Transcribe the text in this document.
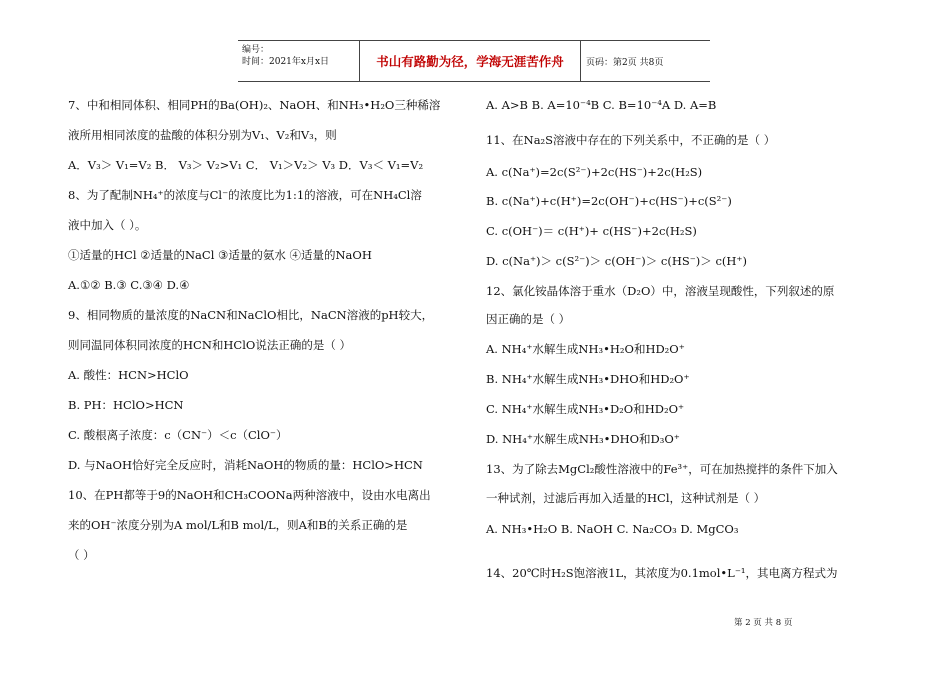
编号：
时间：2021年x月x日	书山有路勤为径，学海无涯苦作舟	页码：第2页 共8页

7、中和相同体积、相同PH的Ba(OH)₂、NaOH、和NH₃•H₂O三种稀溶

液所用相同浓度的盐酸的体积分别为V₁、V₂和V₃，则

A．V₃＞ V₁=V₂ B． V₃＞ V₂>V₁ C． V₁＞V₂＞ V₃ D．V₃＜ V₁=V₂

8、为了配制NH₄⁺的浓度与Cl⁻的浓度比为1:1的溶液，可在NH₄Cl溶

液中加入（ ）。

①适量的HCl ②适量的NaCl ③适量的氨水 ④适量的NaOH

A.①② B.③ C.③④ D.④

9、相同物质的量浓度的NaCN和NaClO相比，NaCN溶液的pH较大，

则同温同体积同浓度的HCN和HClO说法正确的是（ ）

A. 酸性：HCN>HClO

B. PH：HClO>HCN

C. 酸根离子浓度：c（CN⁻）＜c（ClO⁻）

D. 与NaOH恰好完全反应时，消耗NaOH的物质的量：HClO>HCN

10、在PH都等于9的NaOH和CH₃COONa两种溶液中，设由水电离出

来的OH⁻浓度分别为A mol/L和B mol/L，则A和B的关系正确的是

（ ）

A. A>B B. A=10⁻⁴B C. B=10⁻⁴A D. A=B

11、在Na₂S溶液中存在的下列关系中，不正确的是（ ）

A. c(Na⁺)=2c(S²⁻)+2c(HS⁻)+2c(H₂S)

B. c(Na⁺)+c(H⁺)=2c(OH⁻)+c(HS⁻)+c(S²⁻)

C. c(OH⁻)＝ c(H⁺)+ c(HS⁻)+2c(H₂S)

D. c(Na⁺)＞ c(S²⁻)＞ c(OH⁻)＞ c(HS⁻)＞ c(H⁺)

12、氯化铵晶体溶于重水（D₂O）中，溶液呈现酸性，下列叙述的原

因正确的是（ ）

A. NH₄⁺水解生成NH₃•H₂O和HD₂O⁺

B. NH₄⁺水解生成NH₃•DHO和HD₂O⁺

C. NH₄⁺水解生成NH₃•D₂O和HD₂O⁺

D. NH₄⁺水解生成NH₃•DHO和D₃O⁺

13、为了除去MgCl₂酸性溶液中的Fe³⁺，可在加热搅拌的条件下加入

一种试剂，过滤后再加入适量的HCl，这种试剂是（ ）

A. NH₃•H₂O B. NaOH C. Na₂CO₃ D. MgCO₃

14、20℃时H₂S饱溶液1L，其浓度为0.1mol•L⁻¹，其电离方程式为

第 2 页 共 8 页
